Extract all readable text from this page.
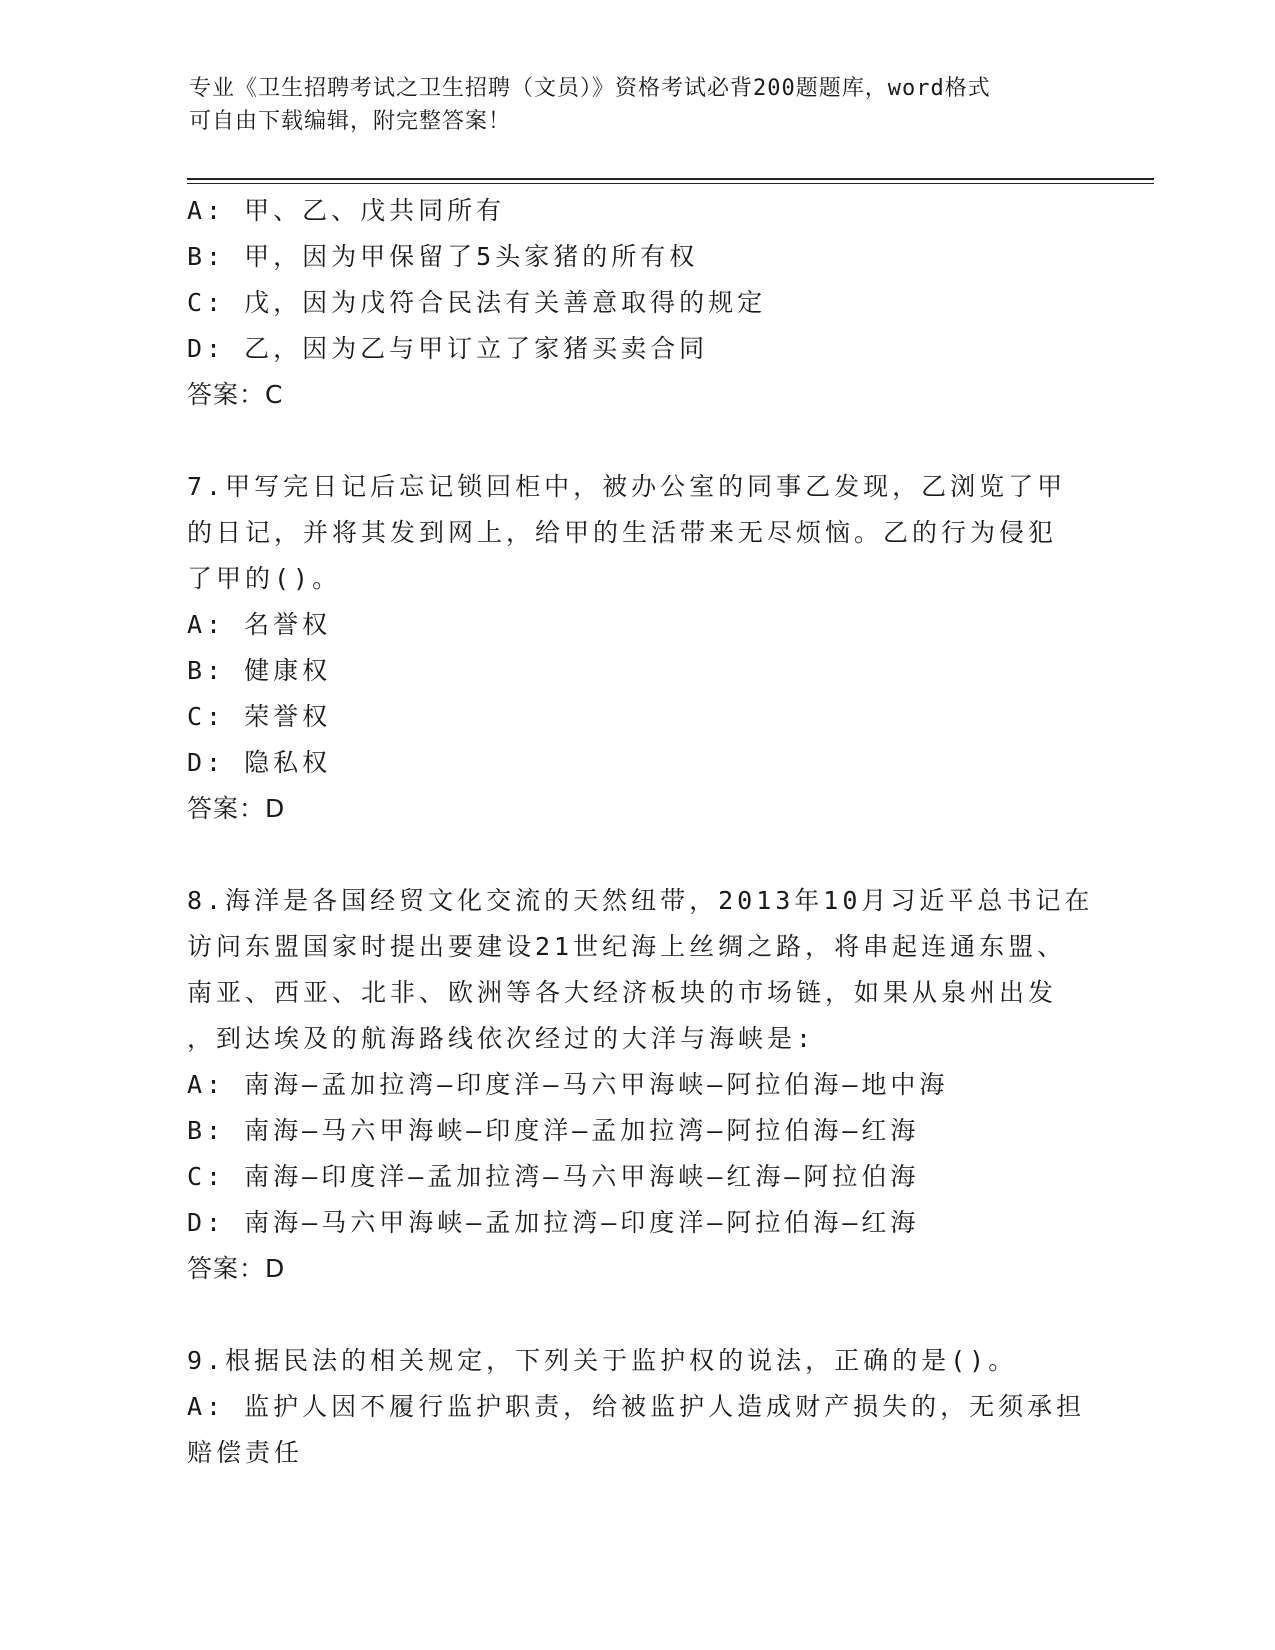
专业《卫生招聘考试之卫生招聘（文员）》资格考试必背200题题库，word格式
可自由下载编辑，附完整答案！
A: 甲、乙、戊共同所有
B: 甲，因为甲保留了5头家猪的所有权
C: 戊，因为戊符合民法有关善意取得的规定
D: 乙，因为乙与甲订立了家猪买卖合同
答案：C
7.甲写完日记后忘记锁回柜中，被办公室的同事乙发现，乙浏览了甲
的日记，并将其发到网上，给甲的生活带来无尽烦恼。乙的行为侵犯
了甲的()。
A: 名誉权
B: 健康权
C: 荣誉权
D: 隐私权
答案：D
8.海洋是各国经贸文化交流的天然纽带，2013年10月习近平总书记在
访问东盟国家时提出要建设21世纪海上丝绸之路，将串起连通东盟、
南亚、西亚、北非、欧洲等各大经济板块的市场链，如果从泉州出发
，到达埃及的航海路线依次经过的大洋与海峡是:
A: 南海—孟加拉湾—印度洋—马六甲海峡—阿拉伯海—地中海
B: 南海—马六甲海峡—印度洋—孟加拉湾—阿拉伯海—红海
C: 南海—印度洋—孟加拉湾—马六甲海峡—红海—阿拉伯海
D: 南海—马六甲海峡—孟加拉湾—印度洋—阿拉伯海—红海
答案：D
9.根据民法的相关规定，下列关于监护权的说法，正确的是()。
A: 监护人因不履行监护职责，给被监护人造成财产损失的，无须承担
赔偿责任
